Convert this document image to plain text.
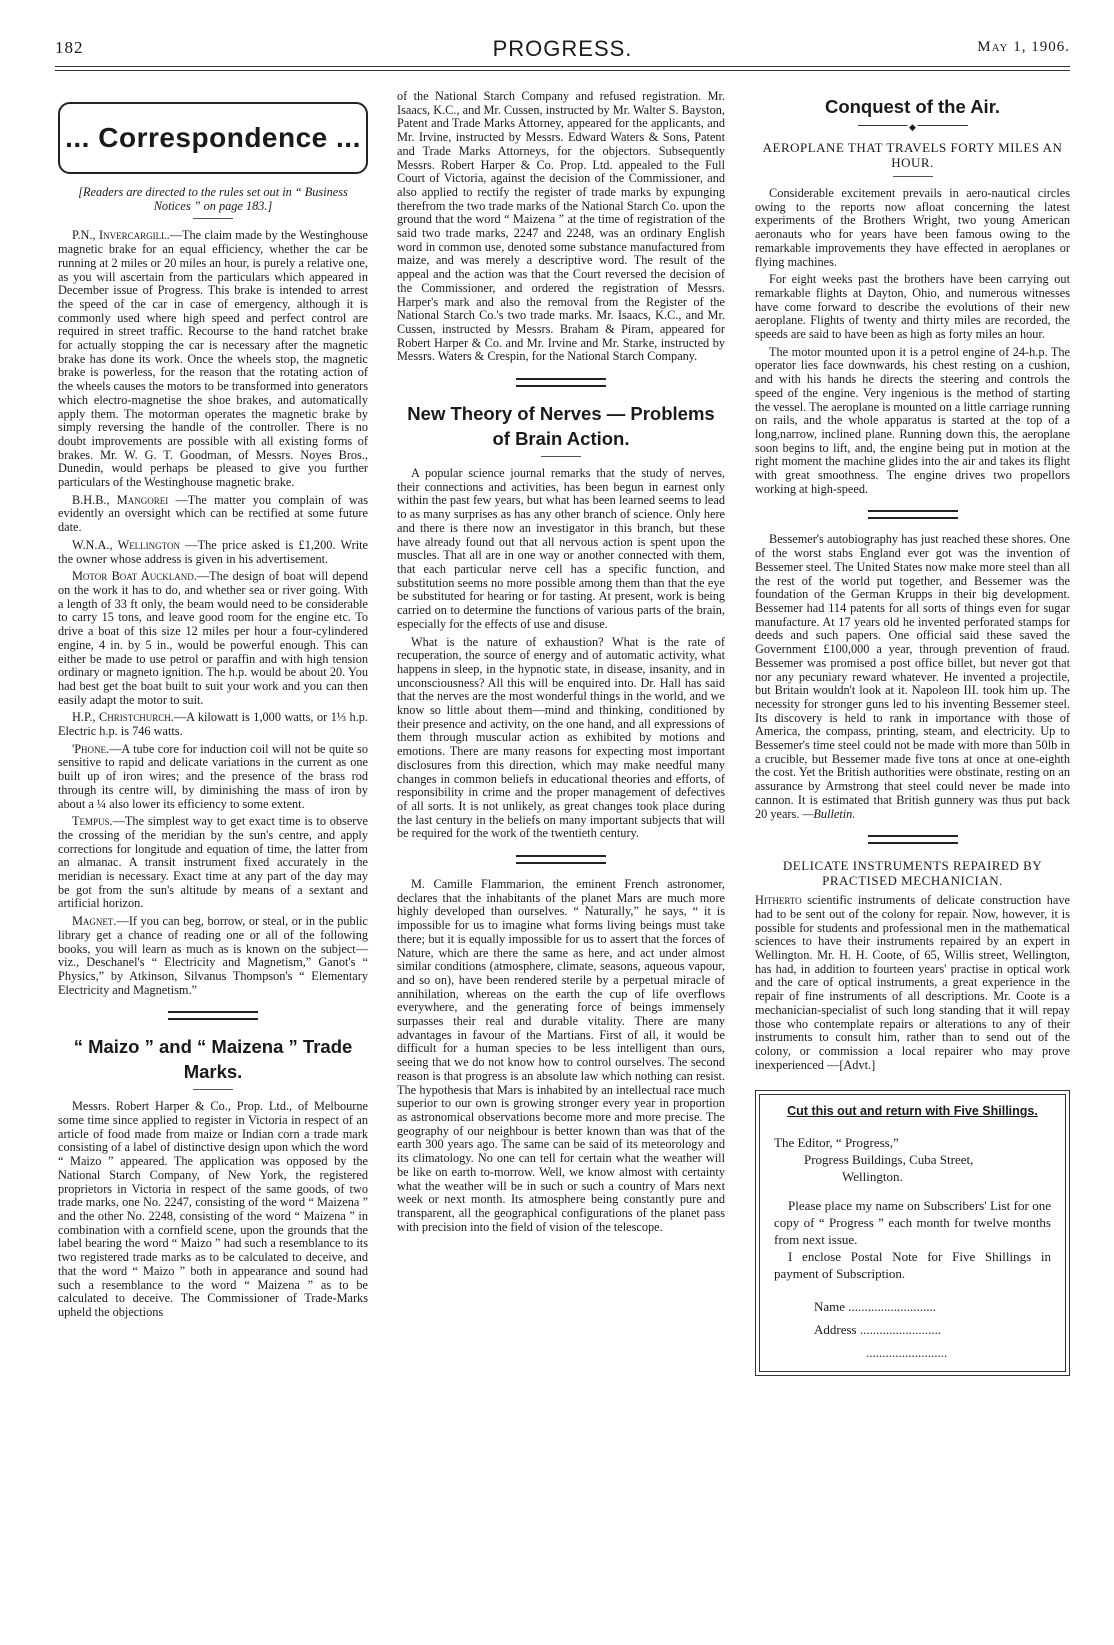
182	PROGRESS.	May 1, 1906.
... Correspondence ...

[Readers are directed to the rules set out in “ Business Notices ” on page 183.]

P.N., Invercargill.—The claim made by the Westinghouse magnetic brake for an equal efficiency, whether the car be running at 2 miles or 20 miles an hour, is purely a relative one, as you will ascertain from the particulars which appeared in December issue of Progress. This brake is intended to arrest the speed of the car in case of emergency, although it is commonly used where high speed and perfect control are required in street traffic. Recourse to the hand ratchet brake for actually stopping the car is necessary after the magnetic brake has done its work. Once the wheels stop, the magnetic brake is powerless, for the reason that the rotating action of the wheels causes the motors to be transformed into generators which electro-magnetise the shoe brakes, and automatically apply them. The motorman operates the magnetic brake by simply reversing the handle of the controller. There is no doubt improvements are possible with all existing forms of brakes. Mr. W. G. T. Goodman, of Messrs. Noyes Bros., Dunedin, would perhaps be pleased to give you further particulars of the Westinghouse magnetic brake.

B.H.B., Mangorei —The matter you complain of was evidently an oversight which can be rectified at some future date.

W.N.A., Wellington —The price asked is £1,200. Write the owner whose address is given in his advertisement.

Motor Boat Auckland.—The design of boat will depend on the work it has to do, and whether sea or river going. With a length of 33 ft only, the beam would need to be considerable to carry 15 tons, and leave good room for the engine etc. To drive a boat of this size 12 miles per hour a four-cylindered engine, 4 in. by 5 in., would be powerful enough. This can either be made to use petrol or paraffin and with high tension ordinary or magneto ignition. The h.p. would be about 20. You had best get the boat built to suit your work and you can then easily adapt the motor to suit.

H.P., Christchurch.—A kilowatt is 1,000 watts, or 1⅓ h.p. Electric h.p. is 746 watts.

'Phone.—A tube core for induction coil will not be quite so sensitive to rapid and delicate variations in the current as one built up of iron wires; and the presence of the brass rod through its centre will, by diminishing the mass of iron by about a ¼ also lower its efficiency to some extent.

Tempus.—The simplest way to get exact time is to observe the crossing of the meridian by the sun's centre, and apply corrections for longitude and equation of time, the latter from an almanac. A transit instrument fixed accurately in the meridian is necessary. Exact time at any part of the day may be got from the sun's altitude by means of a sextant and artificial horizon.

Magnet.—If you can beg, borrow, or steal, or in the public library get a chance of reading one or all of the following books, you will learn as much as is known on the subject—viz., Deschanel's “ Electricity and Magnetism,” Ganot's “ Physics,” by Atkinson, Silvanus Thompson's “ Elementary Electricity and Magnetism.”

“ Maizo ” and “ Maizena ” Trade Marks.

Messrs. Robert Harper & Co., Prop. Ltd., of Melbourne some time since applied to register in Victoria in respect of an article of food made from maize or Indian corn a trade mark consisting of a label of distinctive design upon which the word “ Maizo ” appeared. The application was opposed by the National Starch Company, of New York, the registered proprietors in Victoria in respect of the same goods, of two trade marks, one No. 2247, consisting of the word “ Maizena ” and the other No. 2248, consisting of the word “ Maizena ” in combination with a cornfield scene, upon the grounds that the label bearing the word “ Maizo ” had such a resemblance to its two registered trade marks as to be calculated to deceive, and that the word “ Maizo ” both in appearance and sound had such a resemblance to the word “ Maizena ” as to be calculated to deceive. The Commissioner of Trade-Marks upheld the objections

of the National Starch Company and refused registration. Mr. Isaacs, K.C., and Mr. Cussen, instructed by Mr. Walter S. Bayston, Patent and Trade Marks Attorney, appeared for the applicants, and Mr. Irvine, instructed by Messrs. Edward Waters & Sons, Patent and Trade Marks Attorneys, for the objectors. Subsequently Messrs. Robert Harper & Co. Prop. Ltd. appealed to the Full Court of Victoria, against the decision of the Commissioner, and also applied to rectify the register of trade marks by expunging therefrom the two trade marks of the National Starch Co. upon the ground that the word “ Maizena ” at the time of registration of the said two trade marks, 2247 and 2248, was an ordinary English word in common use, denoted some substance manufactured from maize, and was merely a descriptive word. The result of the appeal and the action was that the Court reversed the decision of the Commissioner, and ordered the registration of Messrs. Harper's mark and also the removal from the Register of the National Starch Co.'s two trade marks. Mr. Isaacs, K.C., and Mr. Cussen, instructed by Messrs. Braham & Piram, appeared for Robert Harper & Co. and Mr. Irvine and Mr. Starke, instructed by Messrs. Waters & Crespin, for the National Starch Company.

New Theory of Nerves — Problems of Brain Action.

A popular science journal remarks that the study of nerves, their connections and activities, has been begun in earnest only within the past few years, but what has been learned seems to lead to as many surprises as has any other branch of science. Only here and there is there now an investigator in this branch, but these have already found out that all nervous action is spent upon the muscles. That all are in one way or another connected with them, that each particular nerve cell has a specific function, and substitution seems no more possible among them than that the eye be substituted for hearing or for tasting. At present, work is being carried on to determine the functions of various parts of the brain, especially for the effects of use and disuse.

What is the nature of exhaustion? What is the rate of recuperation, the source of energy and of automatic activity, what happens in sleep, in the hypnotic state, in disease, insanity, and in unconsciousness? All this will be enquired into. Dr. Hall has said that the nerves are the most wonderful things in the world, and we know so little about them—mind and thinking, conditioned by their presence and activity, on the one hand, and all expressions of them through muscular action as exhibited by motions and emotions. There are many reasons for expecting most important disclosures from this direction, which may make needful many changes in common beliefs in educational theories and efforts, of responsibility in crime and the proper management of defectives of all sorts. It is not unlikely, as great changes took place during the last century in the beliefs on many important subjects that will be required for the work of the twentieth century.

M. Camille Flammarion, the eminent French astronomer, declares that the inhabitants of the planet Mars are much more highly developed than ourselves. “ Naturally,” he says, “ it is impossible for us to imagine what forms living beings must take there; but it is equally impossible for us to assert that the forces of Nature, which are there the same as here, and act under almost similar conditions (atmosphere, climate, seasons, aqueous vapour, and so on), have been rendered sterile by a perpetual miracle of annihilation, whereas on the earth the cup of life overflows everywhere, and the generating force of beings immensely surpasses their real and durable vitality. There are many advantages in favour of the Martians. First of all, it would be difficult for a human species to be less intelligent than ours, seeing that we do not know how to control ourselves. The second reason is that progress is an absolute law which nothing can resist. The hypothesis that Mars is inhabited by an intellectual race much superior to our own is growing stronger every year in proportion as astronomical observations become more and more precise. The geography of our neighbour is better known than was that of the earth 300 years ago. The same can be said of its meteorology and its climatology. No one can tell for certain what the weather will be like on earth to-morrow. Well, we know almost with certainty what the weather will be in such or such a country of Mars next week or next month. Its atmosphere being constantly pure and transparent, all the geographical configurations of the planet pass with precision into the field of vision of the telescope.

Conquest of the Air.
◆
AEROPLANE THAT TRAVELS FORTY MILES AN HOUR.

Considerable excitement prevails in aero-nautical circles owing to the reports now afloat concerning the latest experiments of the Brothers Wright, two young American aeronauts who for years have been famous owing to the remarkable improvements they have effected in aeroplanes or flying machines.

For eight weeks past the brothers have been carrying out remarkable flights at Dayton, Ohio, and numerous witnesses have come forward to describe the evolutions of their new aeroplane. Flights of twenty and thirty miles are recorded, the speeds are said to have been as high as forty miles an hour.

The motor mounted upon it is a petrol engine of 24-h.p. The operator lies face downwards, his chest resting on a cushion, and with his hands he directs the steering and controls the speed of the engine. Very ingenious is the method of starting the vessel. The aeroplane is mounted on a little carriage running on rails, and the whole apparatus is started at the top of a long,narrow, inclined plane. Running down this, the aeroplane soon begins to lift, and, the engine being put in motion at the right moment the machine glides into the air and takes its flight with great smoothness. The engine drives two propellors working at high-speed.

Bessemer's autobiography has just reached these shores. One of the worst stabs England ever got was the invention of Bessemer steel. The United States now make more steel than all the rest of the world put together, and Bessemer was the foundation of the German Krupps in their big development. Bessemer had 114 patents for all sorts of things even for sugar manufacture. At 17 years old he invented perforated stamps for deeds and such papers. One official said these saved the Government £100,000 a year, through prevention of fraud. Bessemer was promised a post office billet, but never got that nor any pecuniary reward whatever. He invented a projectile, but Britain wouldn't look at it. Napoleon III. took him up. The necessity for stronger guns led to his inventing Bessemer steel. Its discovery is held to rank in importance with those of America, the compass, printing, steam, and electricity. Up to Bessemer's time steel could not be made with more than 50lb in a crucible, but Bessemer made five tons at once at one-eighth the cost. Yet the British authorities were obstinate, resting on an assurance by Armstrong that steel could never be made into cannon. It is estimated that British gunnery was thus put back 20 years. —Bulletin.

DELICATE INSTRUMENTS REPAIRED BY PRACTISED MECHANICIAN.

Hitherto scientific instruments of delicate construction have had to be sent out of the colony for repair. Now, however, it is possible for students and professional men in the mathematical sciences to have their instruments repaired by an expert in Wellington. Mr. H. H. Coote, of 65, Willis street, Wellington, has had, in addition to fourteen years' practise in optical work and the care of optical instruments, a great experience in the repair of fine instruments of all descriptions. Mr. Coote is a mechanician-specialist of such long standing that it will repay those who contemplate repairs or alterations to any of their instruments to consult him, rather than to send out of the colony, or commission a local repairer who may prove inexperienced —[Advt.]

Cut this out and return with Five Shillings.

The Editor, “ Progress,”

Progress Buildings, Cuba Street,

Wellington.

Please place my name on Subscribers' List for one copy of “ Progress ” each month for twelve months from next issue.

I enclose Postal Note for Five Shillings in payment of Subscription.

Name ...........................

Address .........................

.........................
